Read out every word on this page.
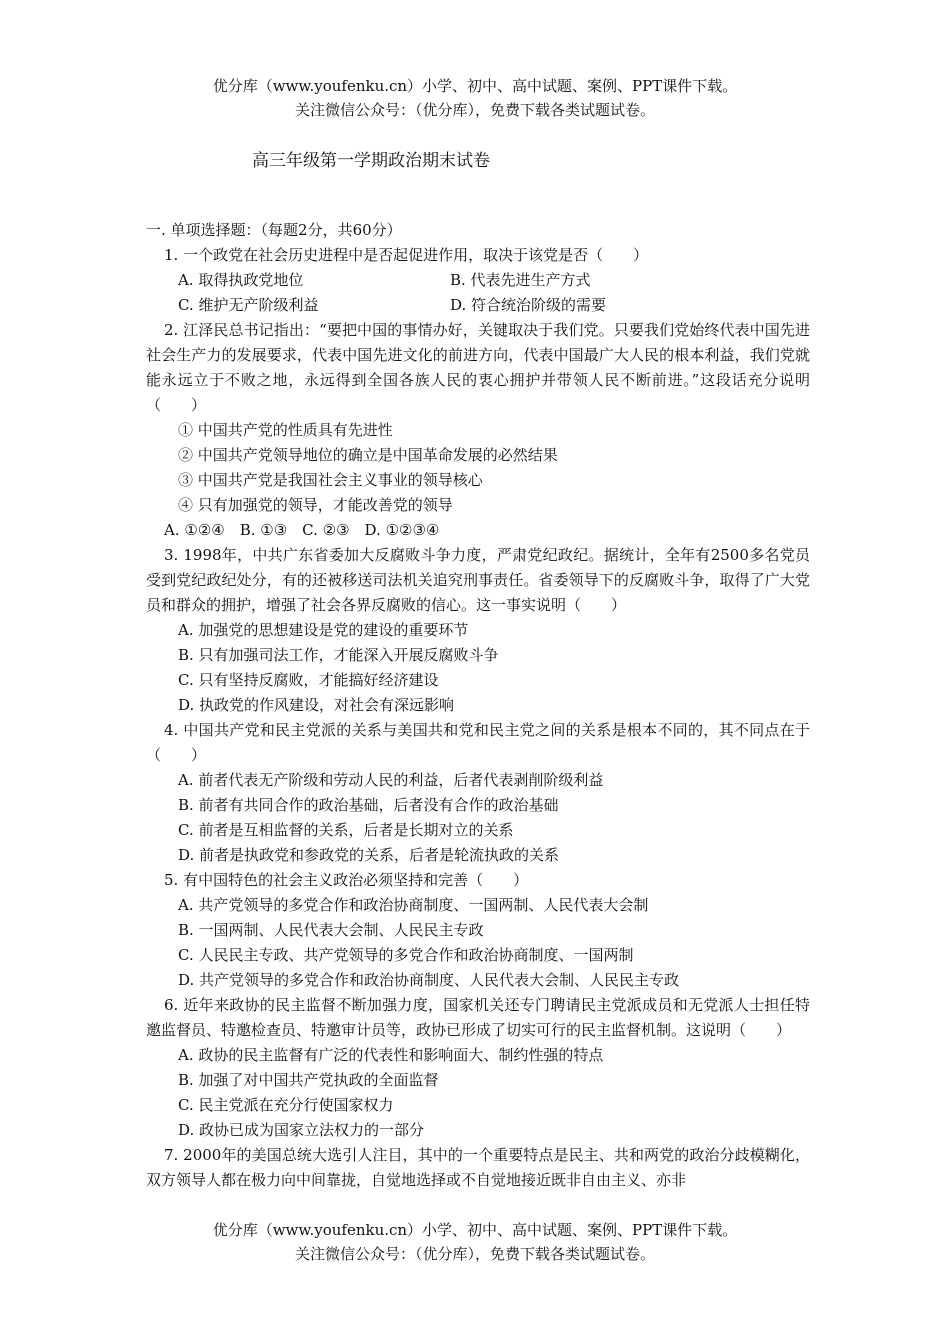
优分库（www.youfenku.cn）小学、初中、高中试题、案例、PPT课件下载。
关注微信公众号：（优分库），免费下载各类试题试卷。
高三年级第一学期政治期末试卷
一. 单项选择题：（每题2分，共60分）
1. 一个政党在社会历史进程中是否起促进作用，取决于该党是否（　　）
A. 取得执政党地位	B. 代表先进生产方式
C. 维护无产阶级利益	D. 符合统治阶级的需要
2. 江泽民总书记指出：“要把中国的事情办好，关键取决于我们党。只要我们党始终代表中国先进社会生产力的发展要求，代表中国先进文化的前进方向，代表中国最广大人民的根本利益，我们党就能永远立于不败之地，永远得到全国各族人民的衷心拥护并带领人民不断前进。”这段话充分说明（　　）
① 中国共产党的性质具有先进性
② 中国共产党领导地位的确立是中国革命发展的必然结果
③ 中国共产党是我国社会主义事业的领导核心
④ 只有加强党的领导，才能改善党的领导
A. ①②④　B. ①③　C. ②③　D. ①②③④
3. 1998年，中共广东省委加大反腐败斗争力度，严肃党纪政纪。据统计，全年有2500多名党员受到党纪政纪处分，有的还被移送司法机关追究刑事责任。省委领导下的反腐败斗争，取得了广大党员和群众的拥护，增强了社会各界反腐败的信心。这一事实说明（　　）
A. 加强党的思想建设是党的建设的重要环节
B. 只有加强司法工作，才能深入开展反腐败斗争
C. 只有坚持反腐败，才能搞好经济建设
D. 执政党的作风建设，对社会有深远影响
4. 中国共产党和民主党派的关系与美国共和党和民主党之间的关系是根本不同的，其不同点在于（　　）
A. 前者代表无产阶级和劳动人民的利益，后者代表剥削阶级利益
B. 前者有共同合作的政治基础，后者没有合作的政治基础
C. 前者是互相监督的关系，后者是长期对立的关系
D. 前者是执政党和参政党的关系，后者是轮流执政的关系
5. 有中国特色的社会主义政治必须坚持和完善（　　）
A. 共产党领导的多党合作和政治协商制度、一国两制、人民代表大会制
B. 一国两制、人民代表大会制、人民民主专政
C. 人民民主专政、共产党领导的多党合作和政治协商制度、一国两制
D. 共产党领导的多党合作和政治协商制度、人民代表大会制、人民民主专政
6. 近年来政协的民主监督不断加强力度，国家机关还专门聘请民主党派成员和无党派人士担任特邀监督员、特邀检查员、特邀审计员等，政协已形成了切实可行的民主监督机制。这说明（　　）
A. 政协的民主监督有广泛的代表性和影响面大、制约性强的特点
B. 加强了对中国共产党执政的全面监督
C. 民主党派在充分行使国家权力
D. 政协已成为国家立法权力的一部分
7. 2000年的美国总统大选引人注目，其中的一个重要特点是民主、共和两党的政治分歧模糊化，双方领导人都在极力向中间靠拢，自觉地选择或不自觉地接近既非自由主义、亦非
优分库（www.youfenku.cn）小学、初中、高中试题、案例、PPT课件下载。
关注微信公众号：（优分库），免费下载各类试题试卷。
